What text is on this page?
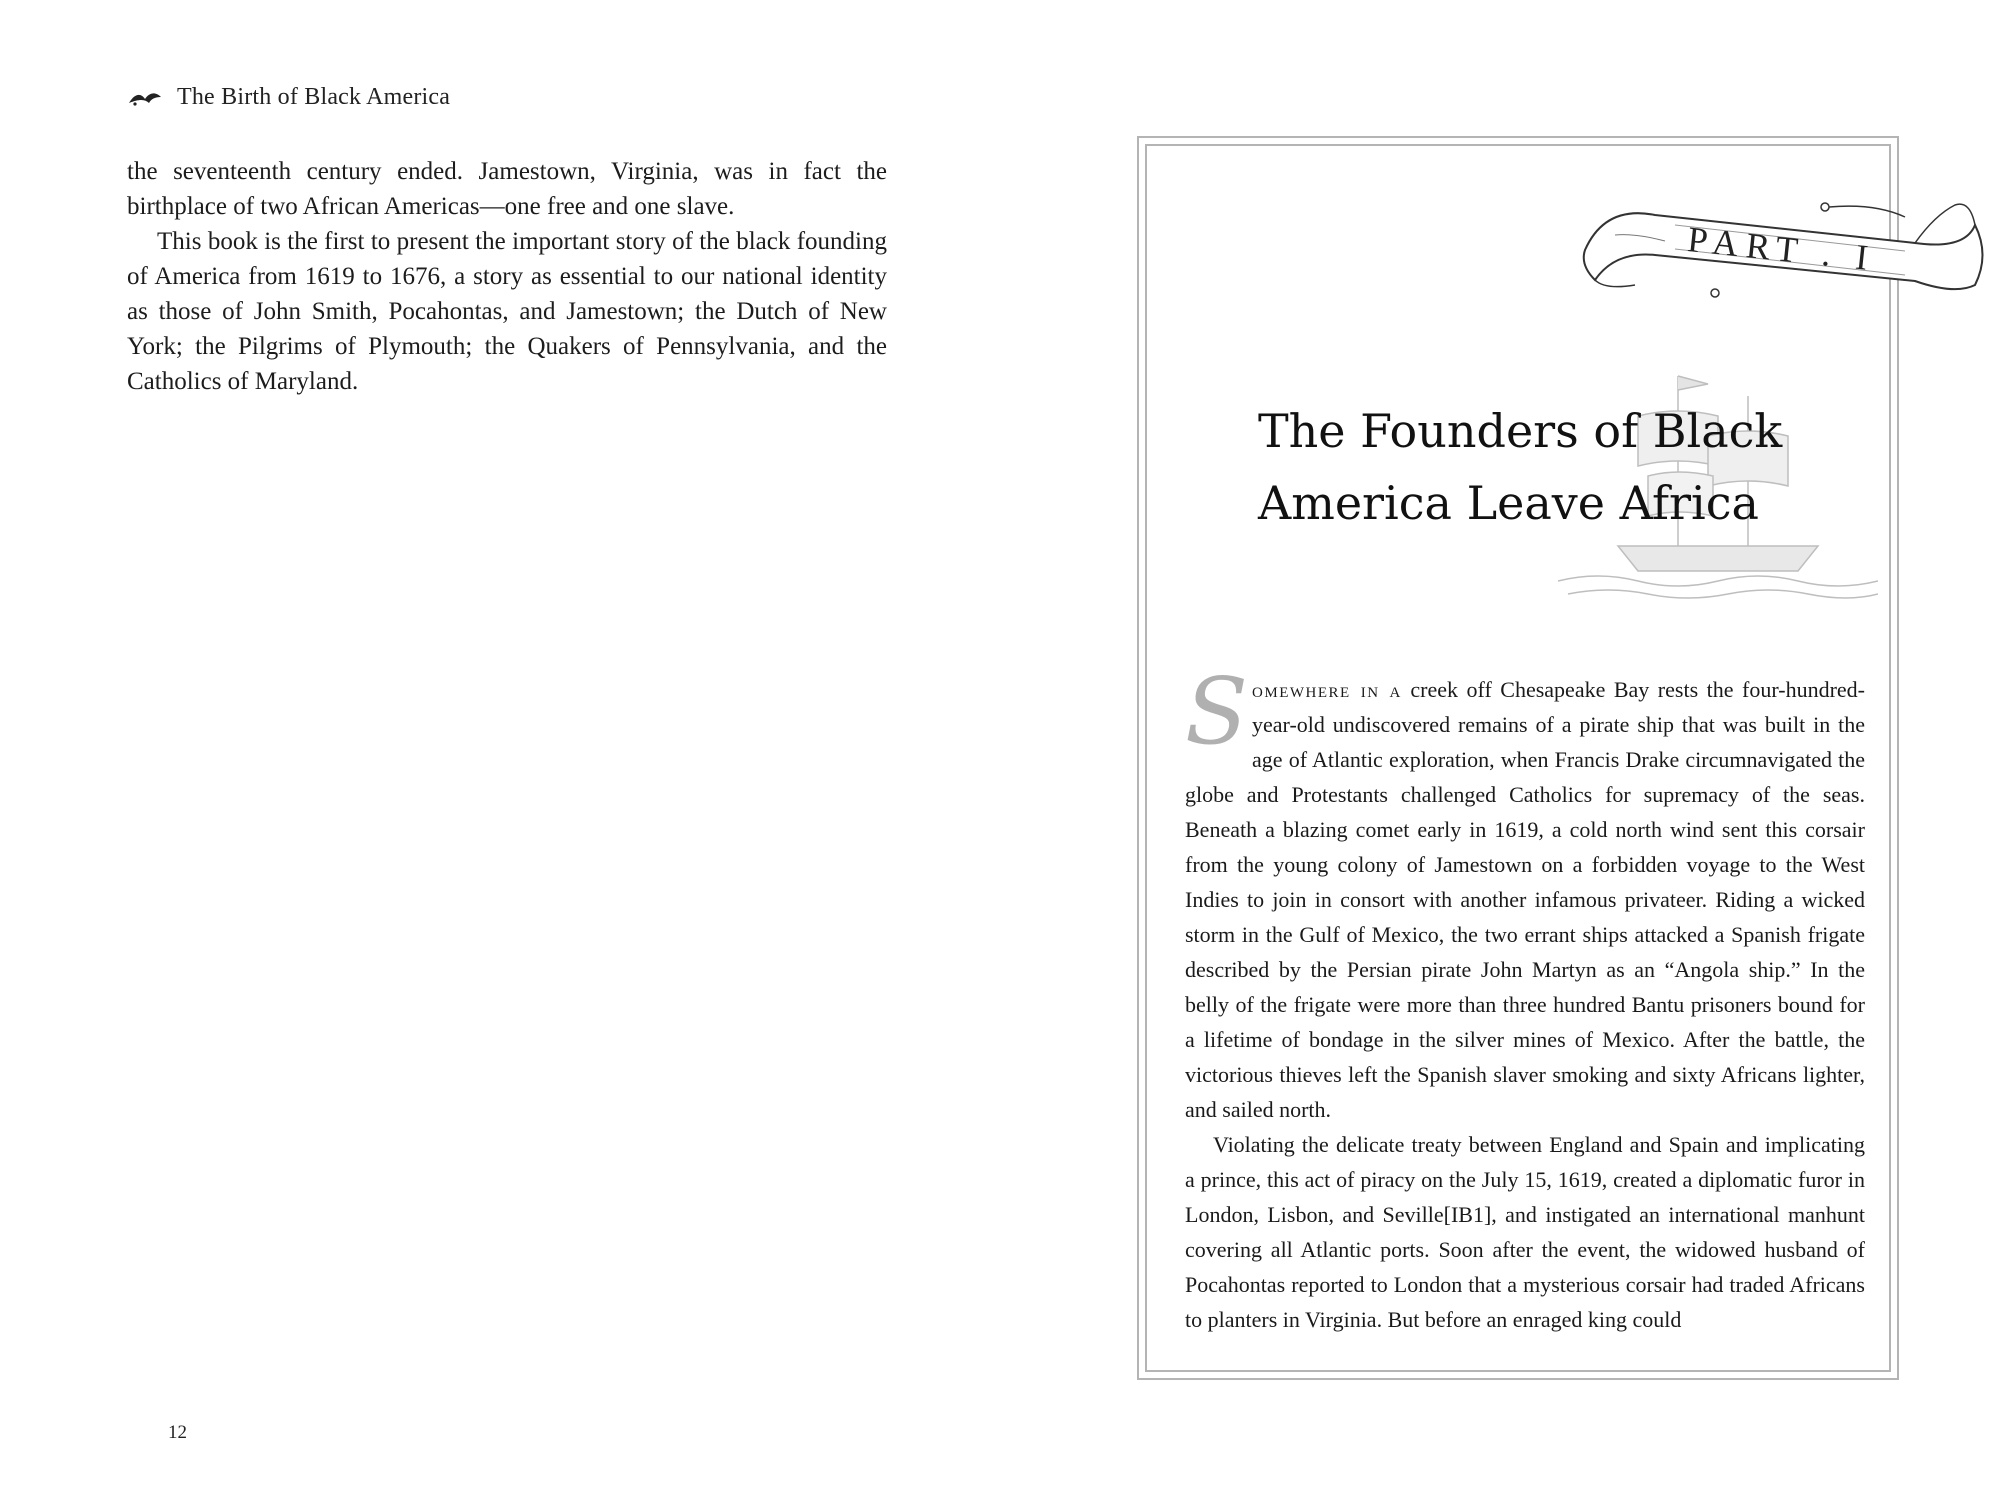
The Birth of Black America

the seventeenth century ended. Jamestown, Virginia, was in fact the birthplace of two African Americas—one free and one slave.

This book is the first to present the important story of the black founding of America from 1619 to 1676, a story as essential to our national identity as those of John Smith, Pocahontas, and Jamestown; the Dutch of New York; the Pilgrims of Plymouth; the Quakers of Pennsylvania, and the Catholics of Maryland.

12
PART . I
The Founders of Black
America Leave Africa

Somewhere in a creek off Chesapeake Bay rests the four-hundred-year-old undiscovered remains of a pirate ship that was built in the age of Atlantic exploration, when Francis Drake circumnavigated the globe and Protestants challenged Catholics for supremacy of the seas. Beneath a blazing comet early in 1619, a cold north wind sent this corsair from the young colony of Jamestown on a forbidden voyage to the West Indies to join in consort with another infamous privateer. Riding a wicked storm in the Gulf of Mexico, the two errant ships attacked a Spanish frigate described by the Persian pirate John Martyn as an “Angola ship.” In the belly of the frigate were more than three hundred Bantu prisoners bound for a lifetime of bondage in the silver mines of Mexico. After the battle, the victorious thieves left the Spanish slaver smoking and sixty Africans lighter, and sailed north.

Violating the delicate treaty between England and Spain and implicating a prince, this act of piracy on the July 15, 1619, created a diplomatic furor in London, Lisbon, and Seville[IB1], and instigated an international manhunt covering all Atlantic ports. Soon after the event, the widowed husband of Pocahontas reported to London that a mysterious corsair had traded Africans to planters in Virginia. But before an enraged king could
